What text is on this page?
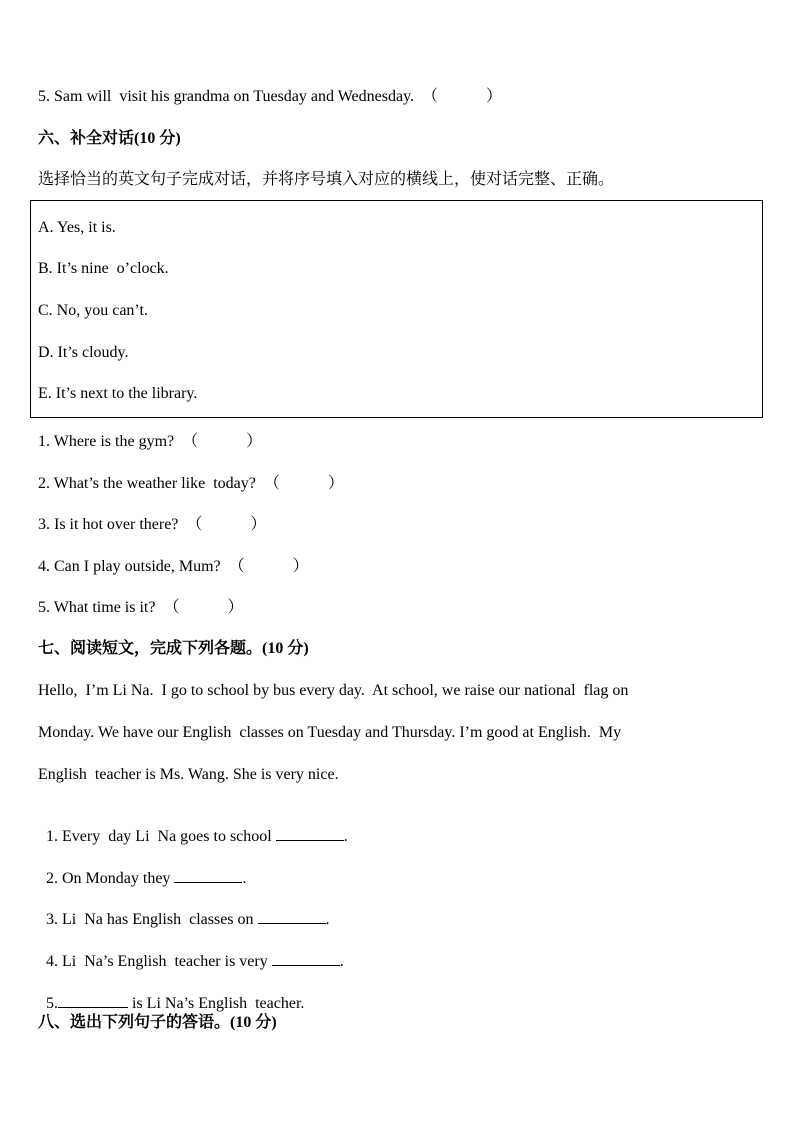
5. Sam will  visit his grandma on Tuesday and Wednesday.  （            ）
六、补全对话(10 分)
选择恰当的英文句子完成对话，并将序号填入对应的横线上，使对话完整、正确。
A. Yes, it is.
B. It’s nine  o’clock.
C. No, you can’t.
D. It’s cloudy.
E. It’s next to the library.
1. Where is the gym?  （            ）
2. What’s the weather like  today?  （            ）
3. Is it hot over there?  （            ）
4. Can I play outside, Mum?  （            ）
5. What time is it?  （            ）
七、阅读短文，完成下列各题。(10 分)
Hello,  I’m Li Na.  I go to school by bus every day.  At school, we raise our national  flag on
Monday. We have our English  classes on Tuesday and Thursday. I’m good at English.  My
English  teacher is Ms. Wang. She is very nice.

1. Every  day Li  Na goes to school	.

2. On Monday they	.

3. Li  Na has English  classes on	.

4. Li  Na’s English  teacher is very	.

5.	is Li Na’s English  teacher.

八、选出下列句子的答语。(10 分)
